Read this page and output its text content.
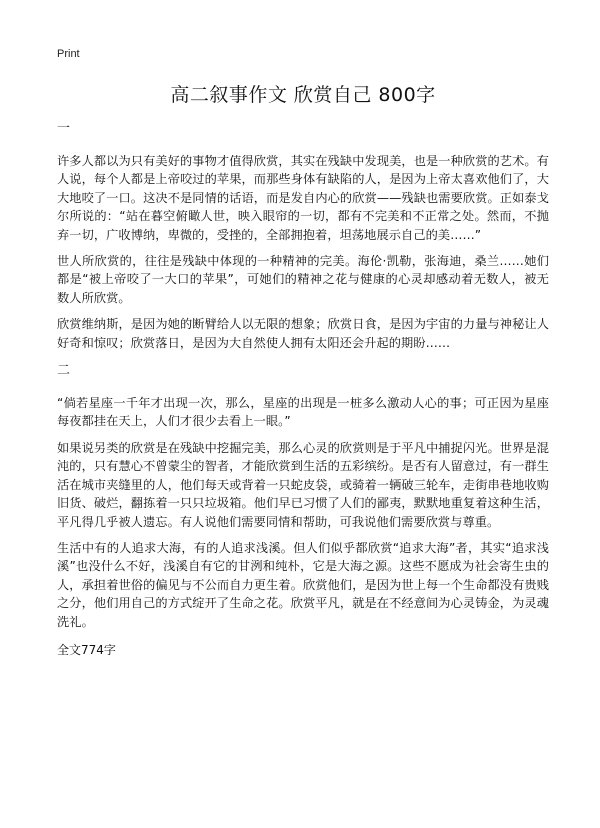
Print
高二叙事作文 欣赏自己 800字

一

许多人都以为只有美好的事物才值得欣赏，其实在残缺中发现美，也是一种欣赏的艺术。有人说，每个人都是上帝咬过的苹果，而那些身体有缺陷的人，是因为上帝太喜欢他们了，大大地咬了一口。这决不是同情的话语，而是发自内心的欣赏——残缺也需要欣赏。正如泰戈尔所说的：“站在暮空俯瞰人世，映入眼帘的一切，都有不完美和不正常之处。然而，不抛弃一切，广收博纳，卑微的，受挫的，全部拥抱着，坦荡地展示自己的美……”

世人所欣赏的，往往是残缺中体现的一种精神的完美。海伦·凯勒，张海迪，桑兰……她们都是“被上帝咬了一大口的苹果”，可她们的精神之花与健康的心灵却感动着无数人，被无数人所欣赏。

欣赏维纳斯，是因为她的断臂给人以无限的想象；欣赏日食，是因为宇宙的力量与神秘让人好奇和惊叹；欣赏落日，是因为大自然使人拥有太阳还会升起的期盼……

二

“倘若星座一千年才出现一次，那么，星座的出现是一桩多么激动人心的事；可正因为星座每夜都挂在天上，人们才很少去看上一眼。”

如果说另类的欣赏是在残缺中挖掘完美，那么心灵的欣赏则是于平凡中捕捉闪光。世界是混沌的，只有慧心不曾蒙尘的智者，才能欣赏到生活的五彩缤纷。是否有人留意过，有一群生活在城市夹缝里的人，他们每天或背着一只蛇皮袋，或骑着一辆破三轮车，走街串巷地收购旧货、破烂，翻拣着一只只垃圾箱。他们早已习惯了人们的鄙夷，默默地重复着这种生活，平凡得几乎被人遗忘。有人说他们需要同情和帮助，可我说他们需要欣赏与尊重。

生活中有的人追求大海，有的人追求浅溪。但人们似乎都欣赏“追求大海”者，其实“追求浅溪”也没什么不好，浅溪自有它的甘洌和纯朴，它是大海之源。这些不愿成为社会寄生虫的人，承担着世俗的偏见与不公而自力更生着。欣赏他们，是因为世上每一个生命都没有贵贱之分，他们用自己的方式绽开了生命之花。欣赏平凡，就是在不经意间为心灵铸金，为灵魂洗礼。

全文774字
